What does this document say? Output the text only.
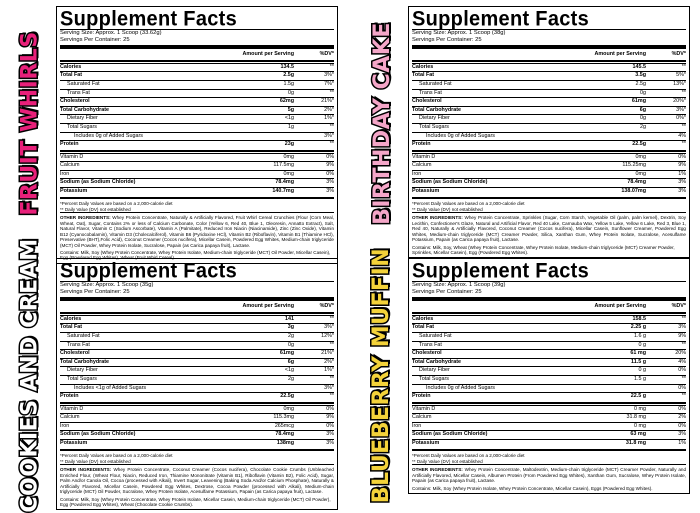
FRUIT WHIRLS
Supplement Facts
Serving Size: Approx. 1 Scoop (33.62g)
Servings Per Container: 25
Amount per Serving	%DV*
Calories	134.5	**
Total Fat	2.5g	3%*
Saturated Fat	1.5g	7%*
Trans Fat	0g	**
Cholesterol	62mg	21%*
Total Carbohydrate	5g	2%*
Dietary Fiber	<1g	1%*
Total Sugars	1g	**
Includes 0g of Added Sugars	3%*
Protein	23g	**
Vitamin D	0mg	0%
Calcium	117.5mg	9%
Iron	0mg	0%
Sodium (as Sodium Chloride)	78.4mg	3%
Potassium	140.7mg	3%
*Percent Daily Values are based on a 2,000-calorie diet
** Daily Value (DV) not established
OTHER INGREDIENTS: Whey Protein Concentrate, Naturally & Artificially Flavored, Fruit Whirl Cereal Crunchies (Flour (Corn Meal, Wheat, Oat), Sugar, Contains 2% or less of Calcium Carbonate, Color (Yellow 6, Red 40, Blue 1, Oleoresin, Annatto Extract), Salt, Natural Flavor, Vitamin C (Sodium Ascorbate), Vitamin A (Palmitate), Reduced Iron Niacin (Niacinamide), Zinc (Zinc Oxide), Vitamin B12 (Cyanocobalamin), Vitamin D3 (Cholecalciferol), Vitamin B6 (Pyridoxine HCl), Vitamin B2 (Riboflavin), Vitamin B1 (Thiamine HCl), Preservative (BHT),Folic Acid), Coconut Creamer (Cocos nucifera), Micellar Casein, Powdered Egg Whites, Medium-chain triglyceride (MCT) Oil Powder, Whey Protein Isolate, Sucralose, Papain (as Carica papaya fruit), Lactase.
Contains: Milk, Soy (Whey Protein Concentrate, Whey Protein Isolate, Medium-chain triglyceride (MCT) Oil Powder, Micellar Casein), Egg (Powdered Egg Whites), Wheat (Fruit Whirl Cereal).
BIRTHDAY CAKE
Supplement Facts
Serving Size: Approx. 1 Scoop (38g)
Servings Per Container: 25
Amount per Serving	%DV*
Calories	145.5	**
Total Fat	3.5g	5%*
Saturated Fat	2.5g	13%*
Trans Fat	0g	**
Cholesterol	61mg	20%*
Total Carbohydrate	6g	3%*
Dietary Fiber	0g	0%*
Total Sugars	2g	**
Includes 0g of Added Sugars	4%
Protein	22.5g	**
Vitamin D	0mg	0%
Calcium	115.25mg	9%
Iron	0mg	1%
Sodium (as Sodium Chloride)	78.4mg	3%
Potassium	138.07mg	3%
*Percent Daily Values are based on a 2,000-calorie diet
** Daily Value (DV) not established
OTHER INGREDIENTS: Whey Protein Concentrate, Sprinkles (Sugar, Corn Starch, Vegetable Oil (palm, palm kernel), Dextrin, Soy Lecithin, Confectioner's Glaze, Natural and Artificial Flavor, Red 40 Lake, Carnauba Wax, Yellow 5 Lake, Yellow 6 Lake, Red 3, Blue 1, Red 40, Naturally & Artificially Flavored, Coconut Creamer (Cocos nucifera), Micellar Casein, Sunflower Creamer, Powdered Egg Whites, Medium-chain triglyceride (MCT) Creamer Powder, Silica, Xanthan Gum, Whey Protein Isolate, Sucralose, Acesulfame Potassium, Papain (as Carica papaya fruit), Lactase.
Contains: Milk, Soy, Wheat (Whey Protein Concentrate, Whey Protein Isolate, Medium-chain triglyceride (MCT) Creamer Powder, Sprinkles, Micellar Casein), Egg (Powdered Egg Whites).
COOKIES AND CREAM Supplement Facts
Serving Size: Approx. 1 Scoop (35g)
Servings Per Container: 25
Amount per Serving	%DV*
Calories	141	**
Total Fat	3g	3%*
Saturated Fat	2g	12%*
Trans Fat	0g	**
Cholesterol	61mg	21%*
Total Carbohydrate	6g	2%*
Dietary Fiber	<1g	1%*
Total Sugars	2g	**
Includes <1g of Added Sugars	3%*
Protein	22.5g	**
Vitamin D	0mg	0%
Calcium	115.3mg	9%
Iron	265mcg	0%
Sodium (as Sodium Chloride)	78.4mg	3%
Potassium	138mg	3%
*Percent Daily Values are based on a 2,000-calorie diet
** Daily Value (DV) not established
OTHER INGREDIENTS: Whey Protein Concentrate, Coconut Creamer (Cocos nucifera), Chocolate Cookie Crumbs (Unbleached Enriched Flour, (Wheat Flour, Niacin, Reduced Iron, Thiamine Mononitrate (Vitamin B1), Riboflavin (Vitamin B2), Folic Acid), Sugar, Palm And/or Canola Oil, Cocoa (processed with Alkali), Invert Sugar, Leavening (Baking Soda And/or Calcium Phosphate), Naturally & Artificially Flavored, Micellar Casein, Powdered Egg Whites, Dextrose, Cocoa Powder (processed with Alkali), Medium-chain triglyceride (MCT) Oil Powder, Sucralose, Whey Protein Isolate, Acesulfame Potassium, Papain (as Carica papaya fruit), Lactase.
Contains: Milk, Soy (Whey Protein Concentrate, Whey Protein Isolate, Micellar Casein, Medium-chain triglyceride (MCT) Oil Powder), Egg (Powdered Egg Whites), Wheat (Chocolate Cookie Crumbs).
BLUEBERRY MUFFIN Supplement Facts
Serving Size: Approx. 1 Scoop (39g)
Servings Per Container: 25
Amount per Serving	%DV*
Calories	158.5	**
Total Fat	2.25 g	3%
Saturated Fat	1.6 g	9%
Trans Fat	0 g	**
Cholesterol	61 mg	20%
Total Carbohydrate	11.5 g	4%
Dietary Fiber	0 g	0%
Total Sugars	1.5 g	**
Includes 0g of Added Sugars	0%
Protein	22.5 g	**
Vitamin D	0 mg	0%
Calcium	31.8 mg	2%
Iron	0 mg	0%
Sodium (as Sodium Chloride)	63 mg	3%
Potassium	31.8 mg	1%
*Percent Daily Values are based on a 2,000-calorie diet
** Daily Value (DV) not established
OTHER INGREDIENTS: Whey Protein Concentrate, Maltodextrin, Medium-chain triglyceride (MCT) Creamer Powder, Naturally and Artificially Flavored, Micellar Casein, Albumen Protein (From Powdered Egg Whites), Xanthan Gum, Sucralose, Whey Protein Isolate, Papain (as Carica papaya fruit), Lactase.
Contains: Milk, Soy (Whey Protein Isolate, Whey Protein Concentrate, Micellar Casein), Eggs (Powdered Egg Whites).
